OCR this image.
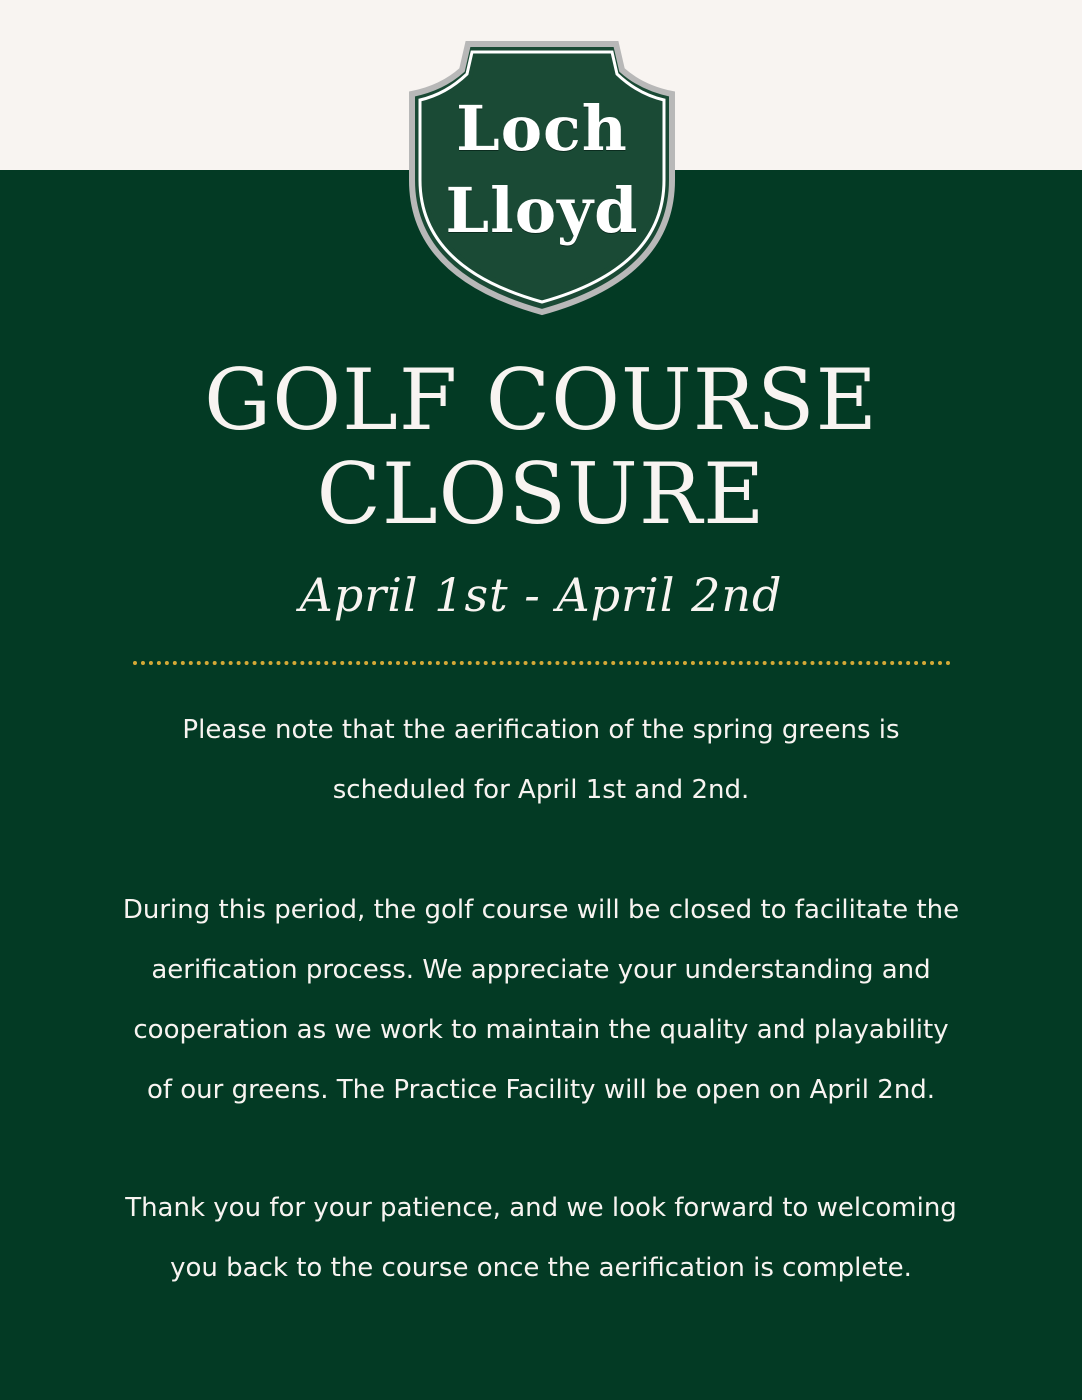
Loch
Lloyd
GOLF COURSE
CLOSURE
April 1st - April 2nd
Please note that the aerification of the spring greens is
scheduled for April 1st and 2nd.
During this period, the golf course will be closed to facilitate the
aerification process. We appreciate your understanding and
cooperation as we work to maintain the quality and playability
of our greens. The Practice Facility will be open on April 2nd.
Thank you for your patience, and we look forward to welcoming
you back to the course once the aerification is complete.
